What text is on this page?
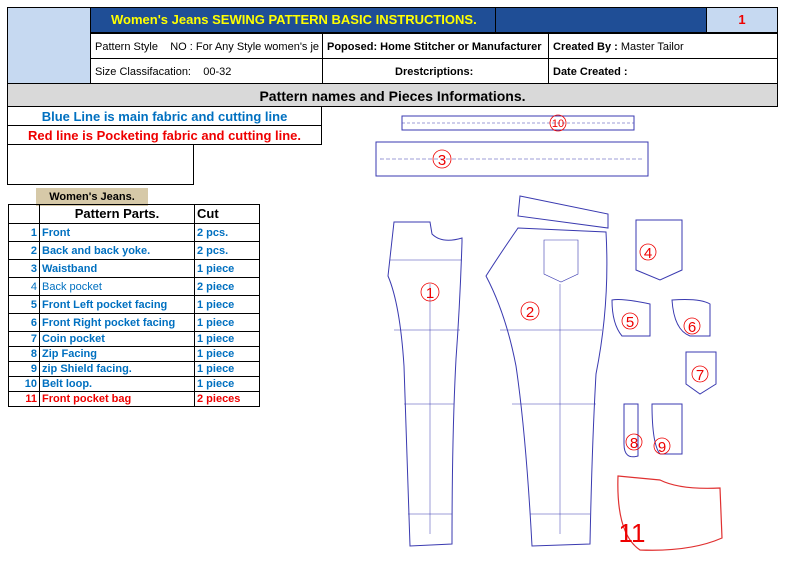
Women's Jeans SEWING PATTERN BASIC INSTRUCTIONS.	1
Pattern Style NO : For Any Style women's je Poposed: Home Stitcher or Manufacturer	Created By : Master Tailor
Size Classifacation: 00-32	Drestcriptions:	Date Created :
Pattern names and Pieces Informations.
Blue Line is main fabric and cutting line
Red line is Pocketing fabric and cutting line.
Women's Jeans.
	Pattern Parts.	Cut
1	Front	2 pcs.
2	Back and back yoke.	2 pcs.
3	Waistband	1 piece
4	Back pocket	2 piece
5	Front Left pocket facing	1 piece
6	Front Right pocket facing	1 piece
7	Coin pocket	1 piece
8	Zip Facing	1 piece
9	zip Shield facing.	1 piece
10	Belt loop.	1 piece
11	Front pocket bag	2 pieces
10
3
1
2
4
5	6
7
8 9
11
